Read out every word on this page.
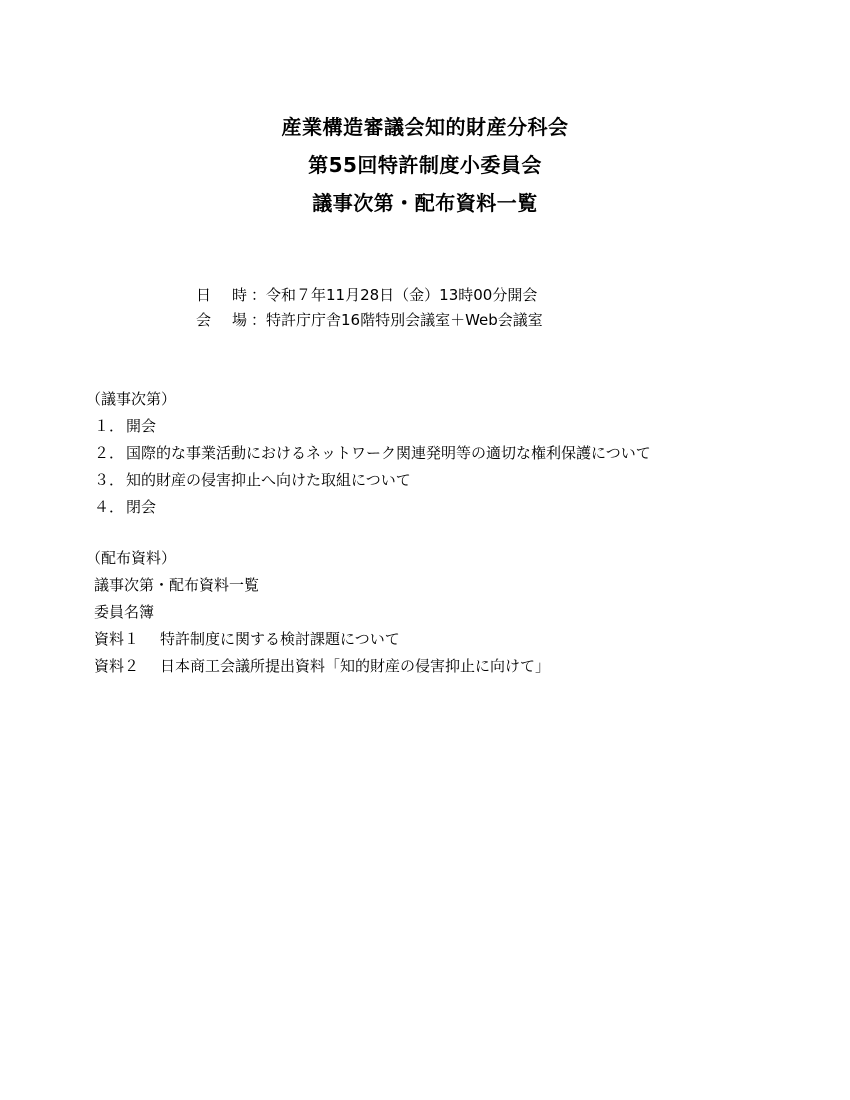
産業構造審議会知的財産分科会
第55回特許制度小委員会
議事次第・配布資料一覧
日 時 ：令和７年11月28日（金）13時00分開会
会 場 ：特許庁庁舎16階特別会議室＋Web会議室
（議事次第）
１． 開会
２． 国際的な事業活動におけるネットワーク関連発明等の適切な権利保護について
３． 知的財産の侵害抑止へ向けた取組について
４． 閉会
（配布資料）
議事次第・配布資料一覧
委員名簿
資料１ 特許制度に関する検討課題について
資料２ 日本商工会議所提出資料「知的財産の侵害抑止に向けて」
